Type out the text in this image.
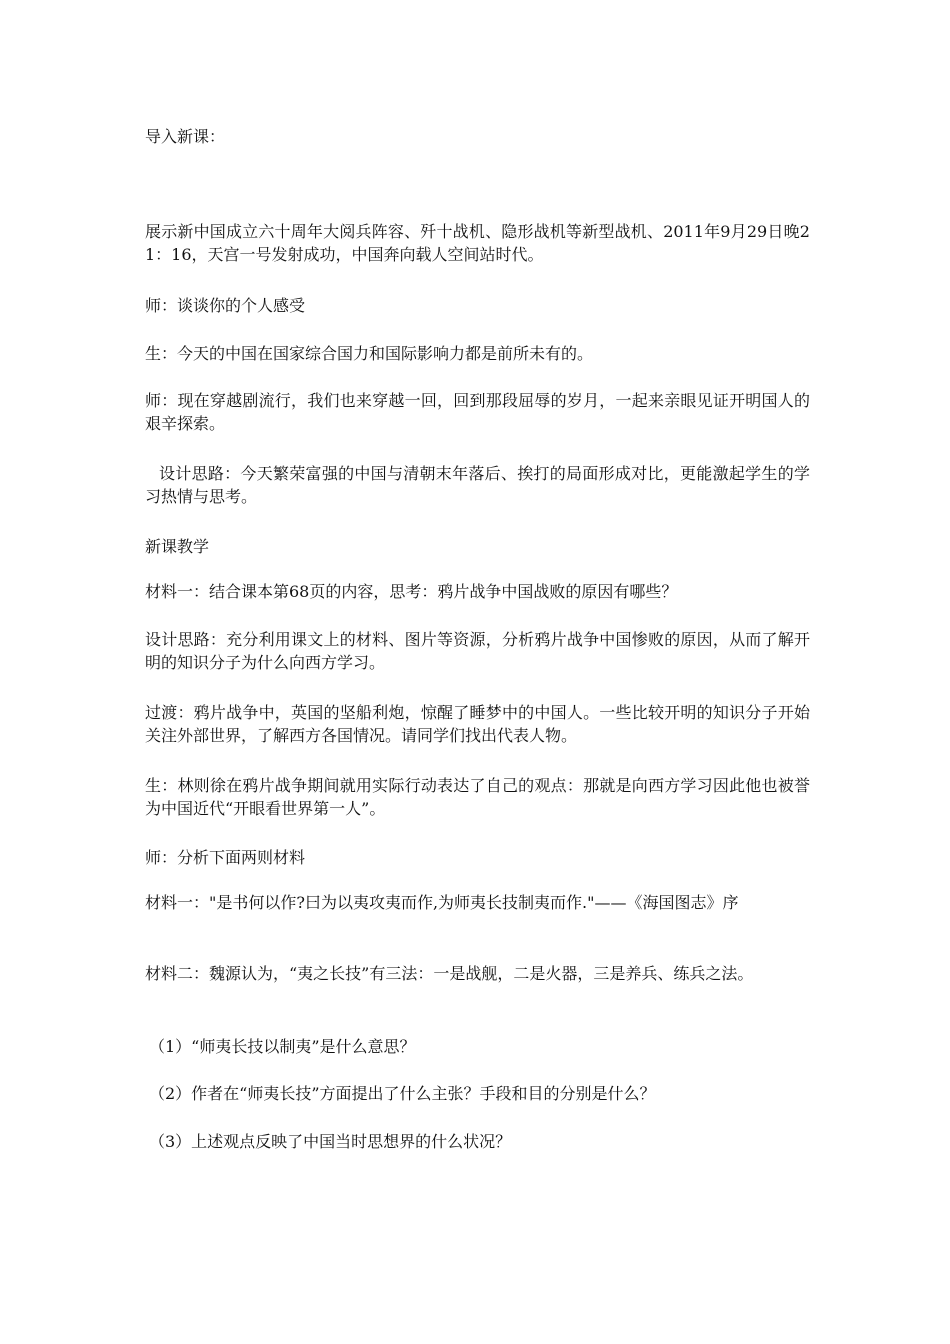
导入新课：

展示新中国成立六十周年大阅兵阵容、歼十战机、隐形战机等新型战机、2011年9月29日晚21：16，天宫一号发射成功，中国奔向载人空间站时代。

师：谈谈你的个人感受

生：今天的中国在国家综合国力和国际影响力都是前所未有的。

师：现在穿越剧流行，我们也来穿越一回，回到那段屈辱的岁月，一起来亲眼见证开明国人的艰辛探索。

设计思路：今天繁荣富强的中国与清朝末年落后、挨打的局面形成对比，更能激起学生的学习热情与思考。

新课教学

材料一：结合课本第68页的内容，思考：鸦片战争中国战败的原因有哪些？

设计思路：充分利用课文上的材料、图片等资源，分析鸦片战争中国惨败的原因，从而了解开明的知识分子为什么向西方学习。

过渡：鸦片战争中，英国的坚船利炮，惊醒了睡梦中的中国人。一些比较开明的知识分子开始关注外部世界，了解西方各国情况。请同学们找出代表人物。

生：林则徐在鸦片战争期间就用实际行动表达了自己的观点：那就是向西方学习因此他也被誉为中国近代“开眼看世界第一人”。

师：分析下面两则材料

材料一："是书何以作?曰为以夷攻夷而作,为师夷长技制夷而作."——《海国图志》序

材料二：魏源认为，“夷之长技”有三法：一是战舰，二是火器，三是养兵、练兵之法。

（1）“师夷长技以制夷”是什么意思？

（2）作者在“师夷长技”方面提出了什么主张？手段和目的分别是什么？

（3）上述观点反映了中国当时思想界的什么状况？
